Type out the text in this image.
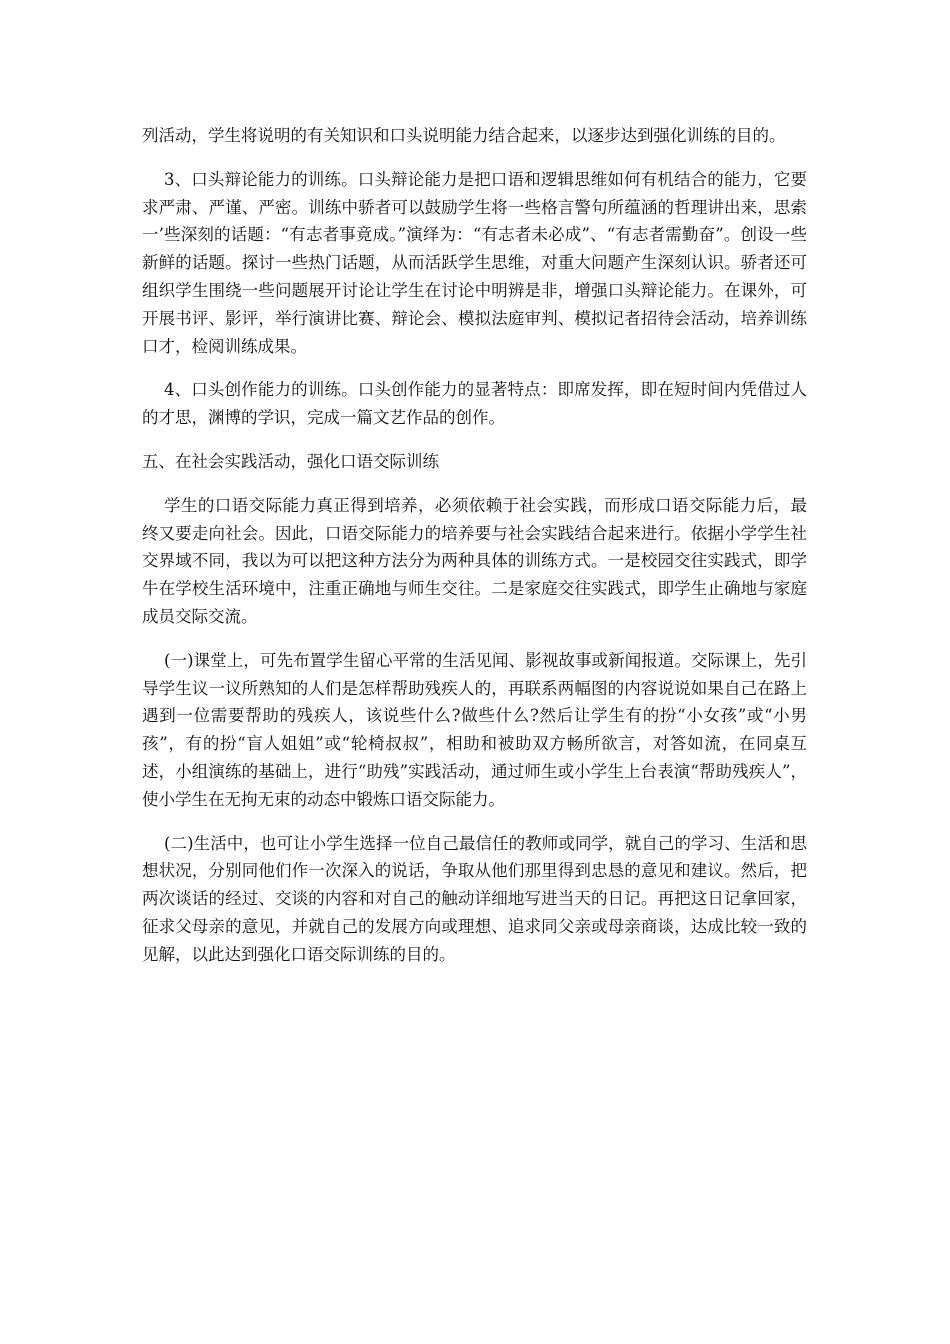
列活动，学生将说明的有关知识和口头说明能力结合起来，以逐步达到强化训练的目的。

3、口头辩论能力的训练。口头辩论能力是把口语和逻辑思维如何有机结合的能力，它要求严肃、严谨、严密。训练中骄者可以鼓励学生将一些格言警句所蕴涵的哲理讲出来，思索一’些深刻的话题：“有志者事竟成。”演绎为：“有志者未必成”、“有志者需勤奋”。创设一些新鲜的话题。探讨一些热门话题，从而活跃学生思维，对重大问题产生深刻认识。骄者还可组织学生围绕一些问题展开讨论让学生在讨论中明辨是非，增强口头辩论能力。在课外，可开展书评、影评，举行演讲比赛、辩论会、模拟法庭审判、模拟记者招待会活动，培养训练口才，检阅训练成果。

4、口头创作能力的训练。口头创作能力的显著特点：即席发挥，即在短时间内凭借过人的才思，渊博的学识，完成一篇文艺作品的创作。

五、在社会实践活动，强化口语交际训练

学生的口语交际能力真正得到培养，必须依赖于社会实践，而形成口语交际能力后，最终又要走向社会。因此，口语交际能力的培养要与社会实践结合起来进行。依据小学学生社交界域不同，我以为可以把这种方法分为两种具体的训练方式。一是校园交往实践式，即学牛在学校生活环境中，注重正确地与师生交往。二是家庭交往实践式，即学生止确地与家庭成员交际交流。

(一)课堂上，可先布置学生留心平常的生活见闻、影视故事或新闻报道。交际课上，先引导学生议一议所熟知的人们是怎样帮助残疾人的，再联系两幅图的内容说说如果自己在路上遇到一位需要帮助的残疾人，该说些什么?做些什么?然后让学生有的扮“小女孩”或“小男孩”，有的扮“盲人姐姐”或“轮椅叔叔”，相助和被助双方畅所欲言，对答如流，在同桌互述，小组演练的基础上，进行“助残”实践活动，通过师生或小学生上台表演“帮助残疾人”，使小学生在无拘无束的动态中锻炼口语交际能力。

(二)生活中，也可让小学生选择一位自己最信任的教师或同学，就自己的学习、生活和思想状况，分别同他们作一次深入的说话，争取从他们那里得到忠恳的意见和建议。然后，把两次谈话的经过、交谈的内容和对自己的触动详细地写进当天的日记。再把这日记拿回家，征求父母亲的意见，并就自己的发展方向或理想、追求同父亲或母亲商谈，达成比较一致的见解，以此达到强化口语交际训练的目的。
